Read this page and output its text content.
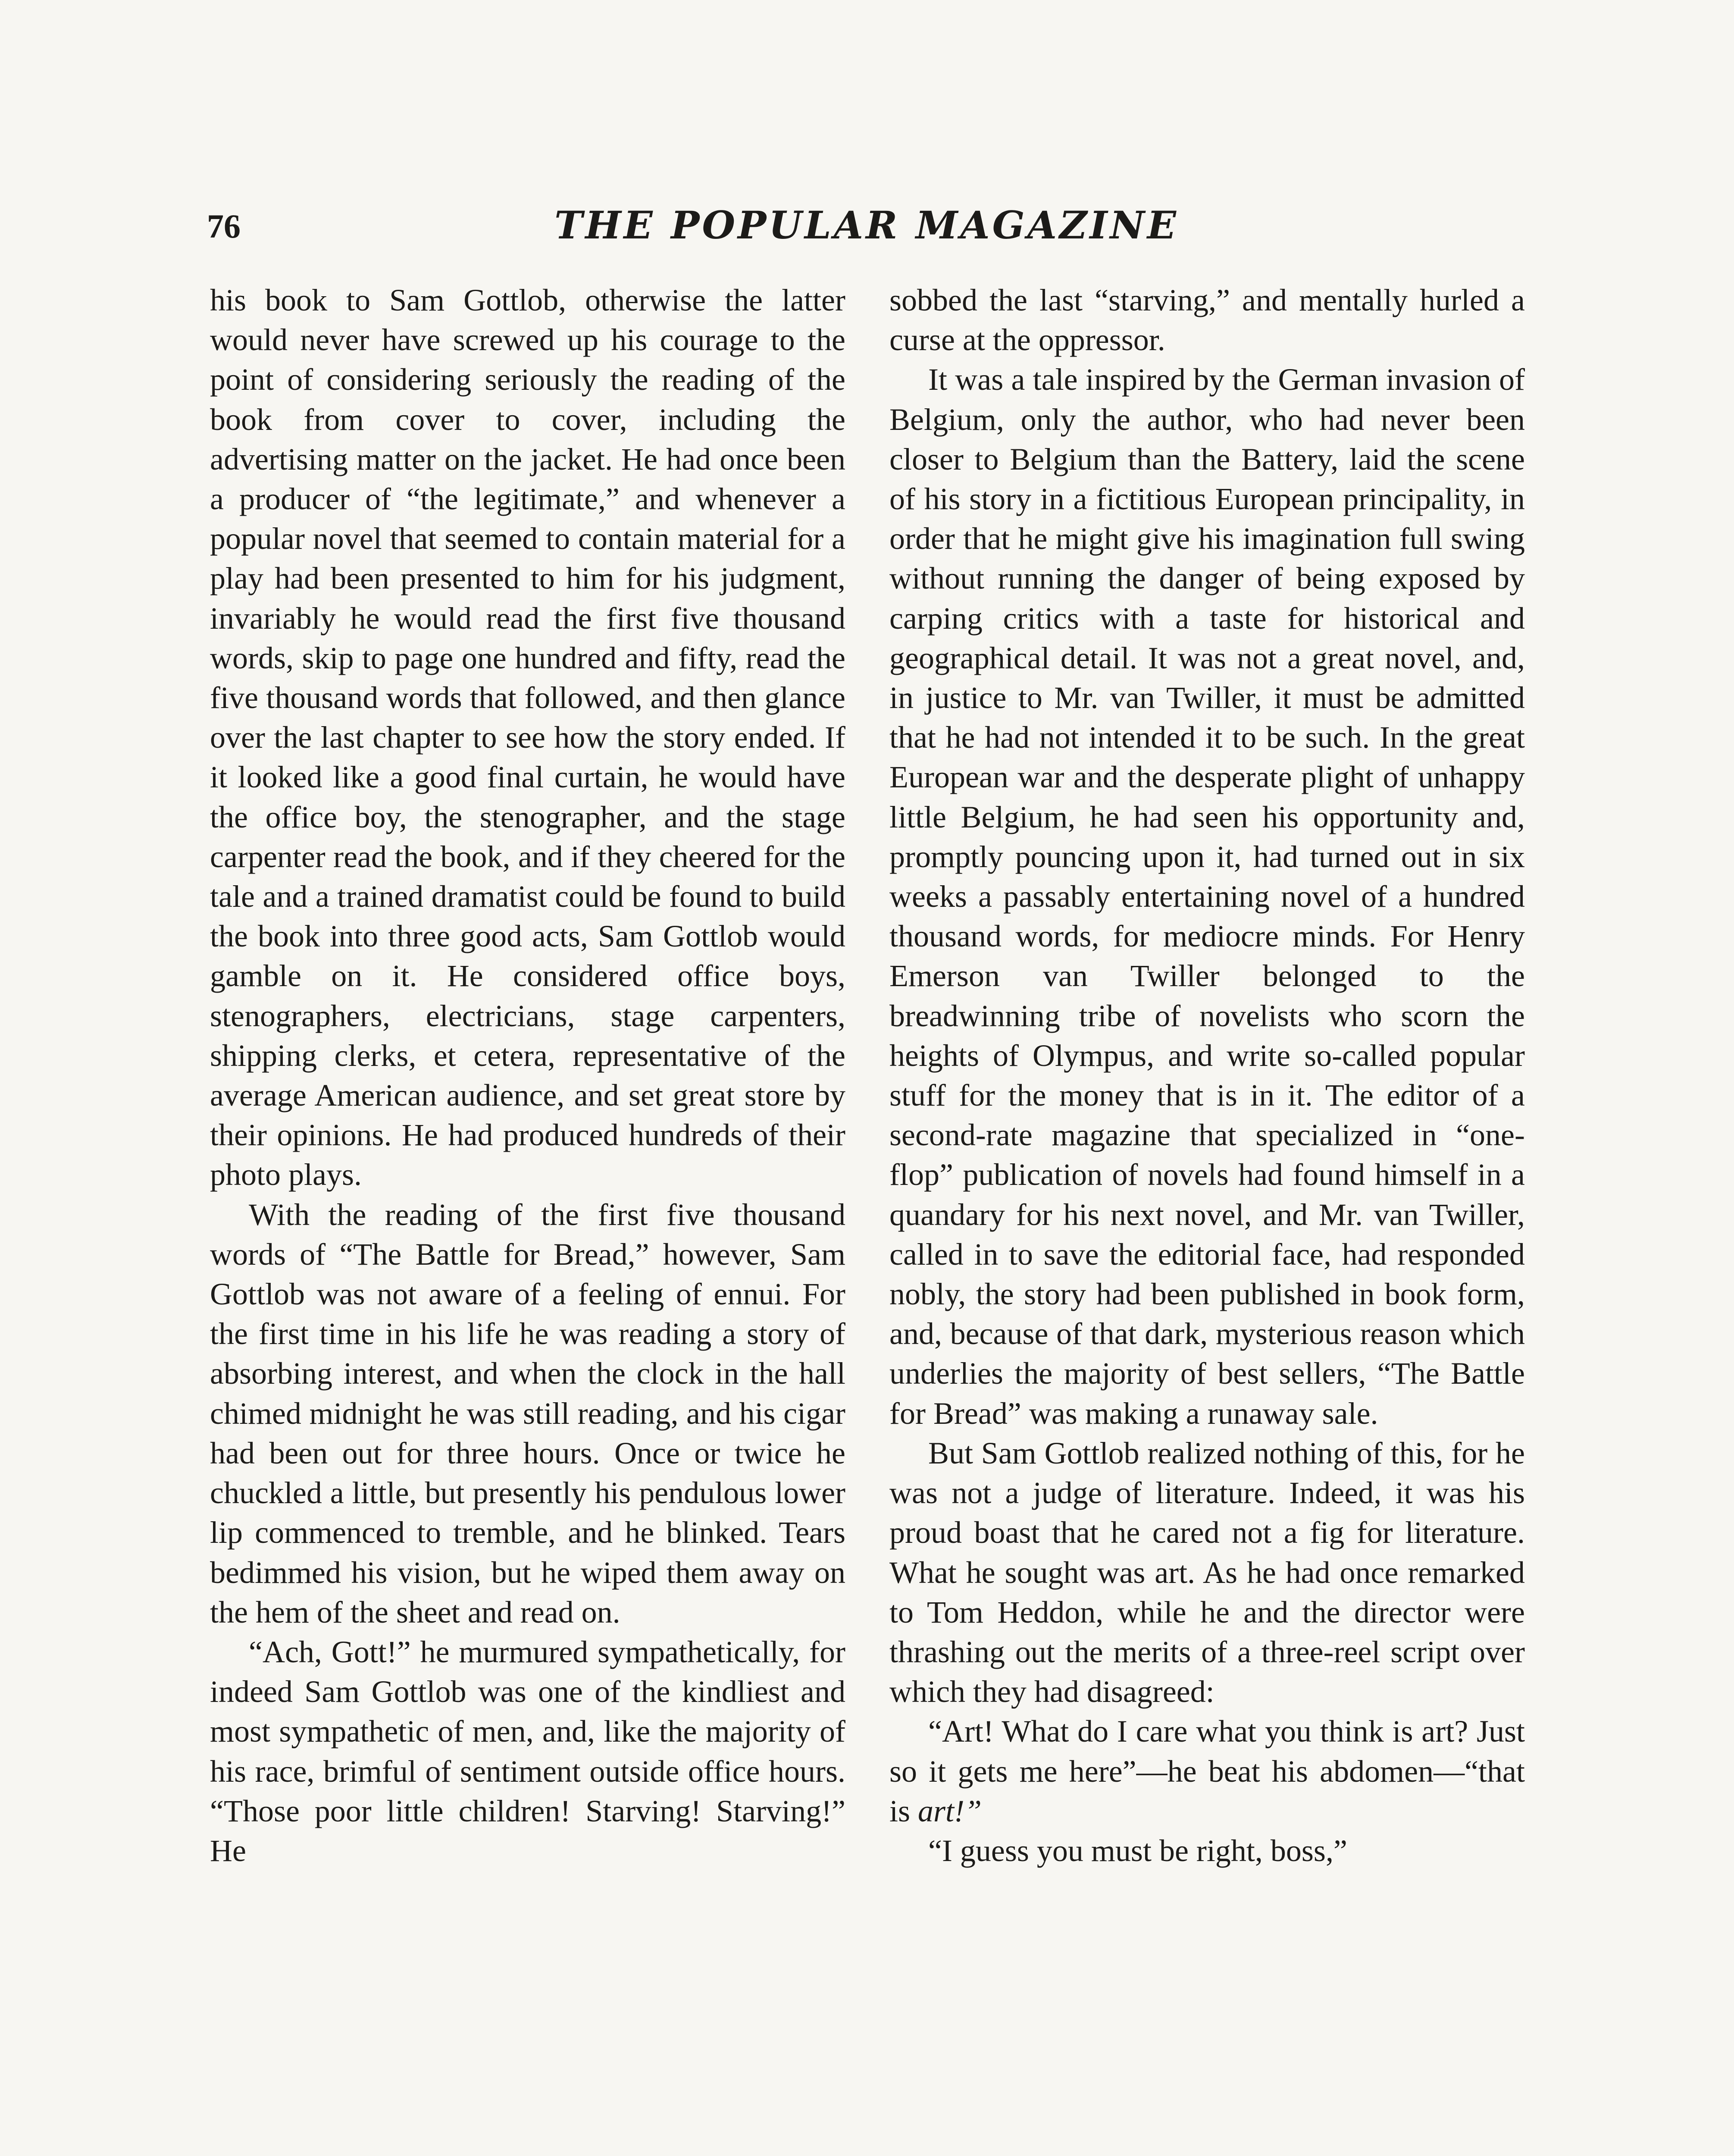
76	THE POPULAR MAGAZINE

his book to Sam Gottlob, otherwise the latter would never have screwed up his courage to the point of considering seriously the reading of the book from cover to cover, including the advertising matter on the jacket. He had once been a producer of “the legitimate,” and whenever a popular novel that seemed to contain material for a play had been presented to him for his judgment, invariably he would read the first five thousand words, skip to page one hundred and fifty, read the five thousand words that followed, and then glance over the last chapter to see how the story ended. If it looked like a good final curtain, he would have the office boy, the stenographer, and the stage carpenter read the book, and if they cheered for the tale and a trained dramatist could be found to build the book into three good acts, Sam Gottlob would gamble on it. He considered office boys, stenographers, electricians, stage carpenters, shipping clerks, et cetera, representative of the average American audience, and set great store by their opinions. He had produced hundreds of their photo plays.

With the reading of the first five thousand words of “The Battle for Bread,” however, Sam Gottlob was not aware of a feeling of ennui. For the first time in his life he was reading a story of absorbing interest, and when the clock in the hall chimed midnight he was still reading, and his cigar had been out for three hours. Once or twice he chuckled a little, but presently his pendulous lower lip commenced to tremble, and he blinked. Tears bedimmed his vision, but he wiped them away on the hem of the sheet and read on.

“Ach, Gott!” he murmured sympathetically, for indeed Sam Gottlob was one of the kindliest and most sympathetic of men, and, like the majority of his race, brimful of sentiment outside office hours. “Those poor little children! Starving! Starving!” He

sobbed the last “starving,” and mentally hurled a curse at the oppressor.

It was a tale inspired by the German invasion of Belgium, only the author, who had never been closer to Belgium than the Battery, laid the scene of his story in a fictitious European principality, in order that he might give his imagination full swing without running the danger of being exposed by carping critics with a taste for historical and geographical detail. It was not a great novel, and, in justice to Mr. van Twiller, it must be admitted that he had not intended it to be such. In the great European war and the desperate plight of unhappy little Belgium, he had seen his opportunity and, promptly pouncing upon it, had turned out in six weeks a passably entertaining novel of a hundred thousand words, for mediocre minds. For Henry Emerson van Twiller belonged to the breadwinning tribe of novelists who scorn the heights of Olympus, and write so-called popular stuff for the money that is in it. The editor of a second-rate magazine that specialized in “one-flop” publication of novels had found himself in a quandary for his next novel, and Mr. van Twiller, called in to save the editorial face, had responded nobly, the story had been published in book form, and, because of that dark, mysterious reason which underlies the majority of best sellers, “The Battle for Bread” was making a runaway sale.

But Sam Gottlob realized nothing of this, for he was not a judge of literature. Indeed, it was his proud boast that he cared not a fig for literature. What he sought was art. As he had once remarked to Tom Heddon, while he and the director were thrashing out the merits of a three-reel script over which they had disagreed:

“Art! What do I care what you think is art? Just so it gets me here”—he beat his abdomen—“that is art!”

“I guess you must be right, boss,”
